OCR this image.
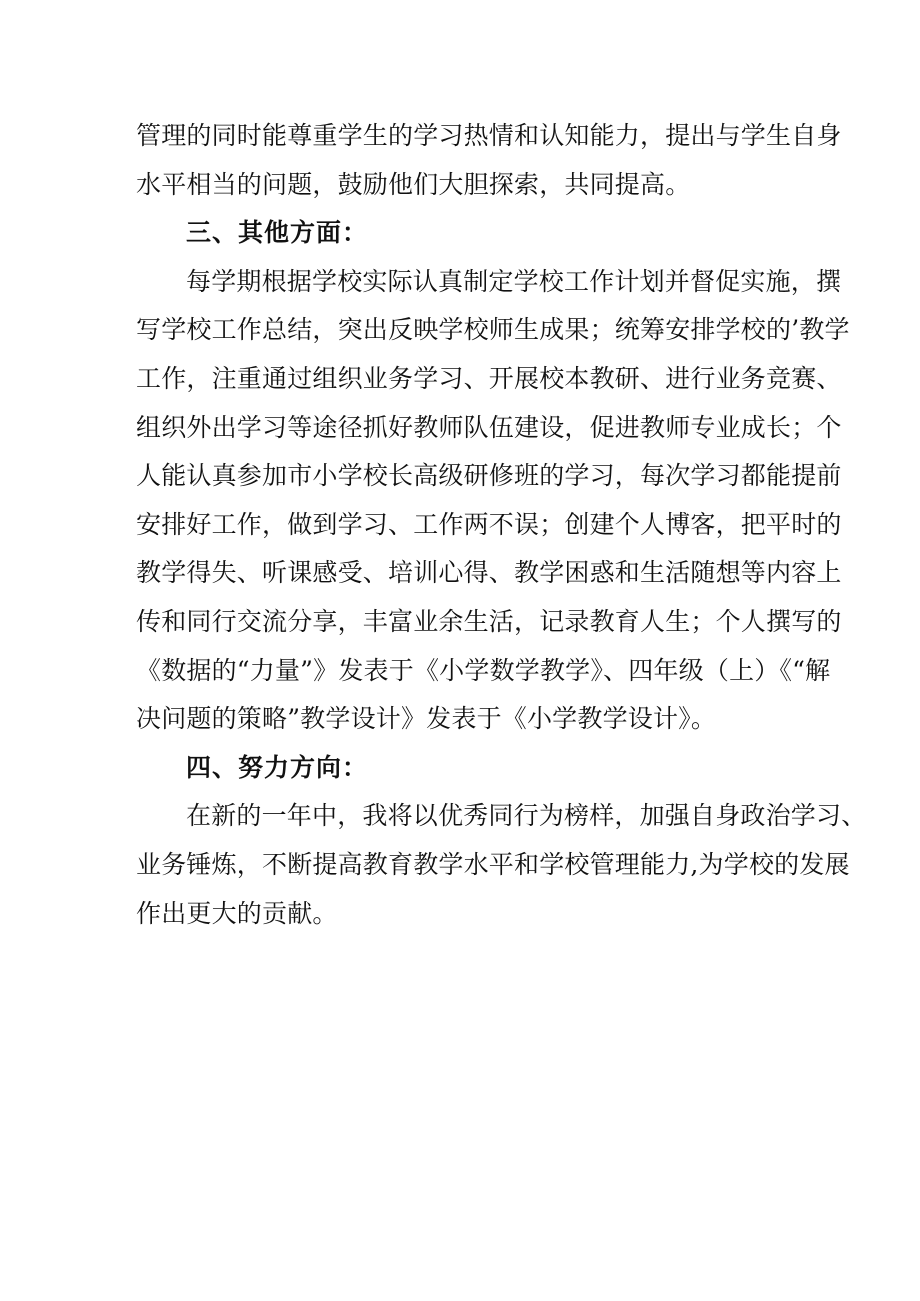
管理的同时能尊重学生的学习热情和认知能力，提出与学生自身
水平相当的问题，鼓励他们大胆探索，共同提高。
三、其他方面：
每学期根据学校实际认真制定学校工作计划并督促实施，撰
写学校工作总结，突出反映学校师生成果；统筹安排学校的’教学
工作，注重通过组织业务学习、开展校本教研、进行业务竞赛、
组织外出学习等途径抓好教师队伍建设，促进教师专业成长；个
人能认真参加市小学校长高级研修班的学习，每次学习都能提前
安排好工作，做到学习、工作两不误；创建个人博客，把平时的
教学得失、听课感受、培训心得、教学困惑和生活随想等内容上
传和同行交流分享，丰富业余生活，记录教育人生；个人撰写的
《数据的“力量”》发表于《小学数学教学》、四年级（上）《“解
决问题的策略”教学设计》发表于《小学教学设计》。
四、努力方向：
在新的一年中，我将以优秀同行为榜样，加强自身政治学习、
业务锤炼，不断提高教育教学水平和学校管理能力,为学校的发展
作出更大的贡献。
